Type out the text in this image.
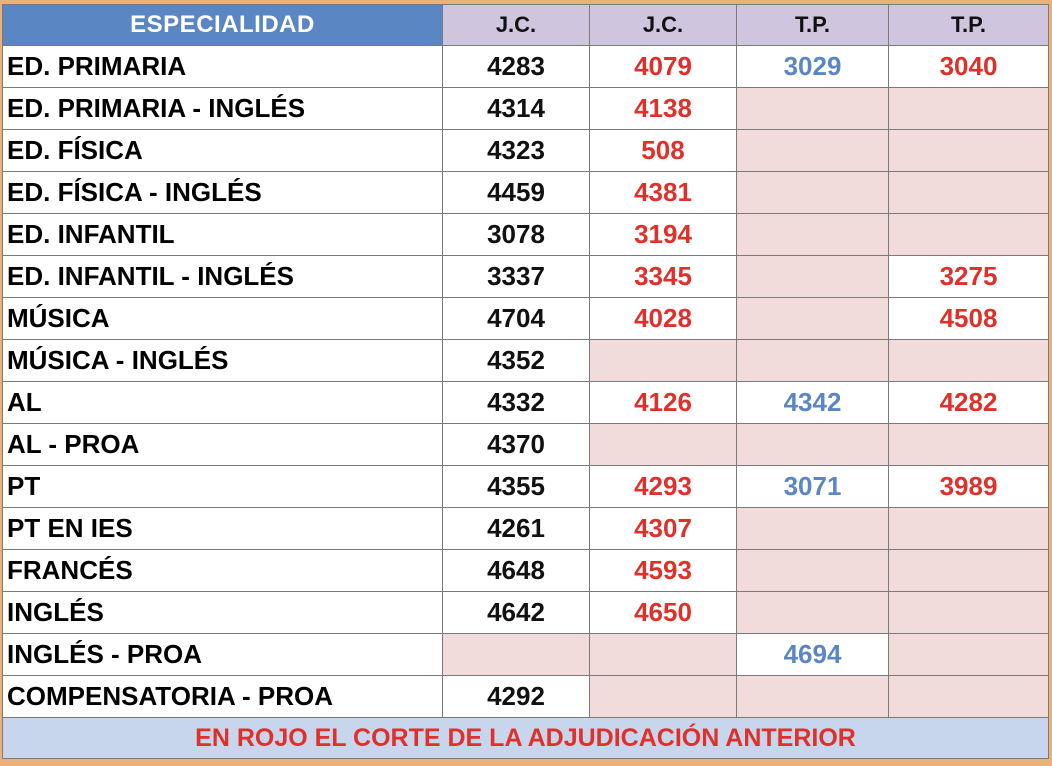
ESPECIALIDAD	J.C.	J.C.	T.P.	T.P.
ED. PRIMARIA	4283	4079	3029	3040
ED. PRIMARIA - INGLÉS	4314	4138		
ED. FÍSICA	4323	508		
ED. FÍSICA - INGLÉS	4459	4381		
ED. INFANTIL	3078	3194		
ED. INFANTIL - INGLÉS	3337	3345		3275
MÚSICA	4704	4028		4508
MÚSICA - INGLÉS	4352			
AL	4332	4126	4342	4282
AL - PROA	4370			
PT	4355	4293	3071	3989
PT EN IES	4261	4307		
FRANCÉS	4648	4593		
INGLÉS	4642	4650		
INGLÉS - PROA			4694	
COMPENSATORIA - PROA	4292			
EN ROJO EL CORTE DE LA ADJUDICACIÓN ANTERIOR				
